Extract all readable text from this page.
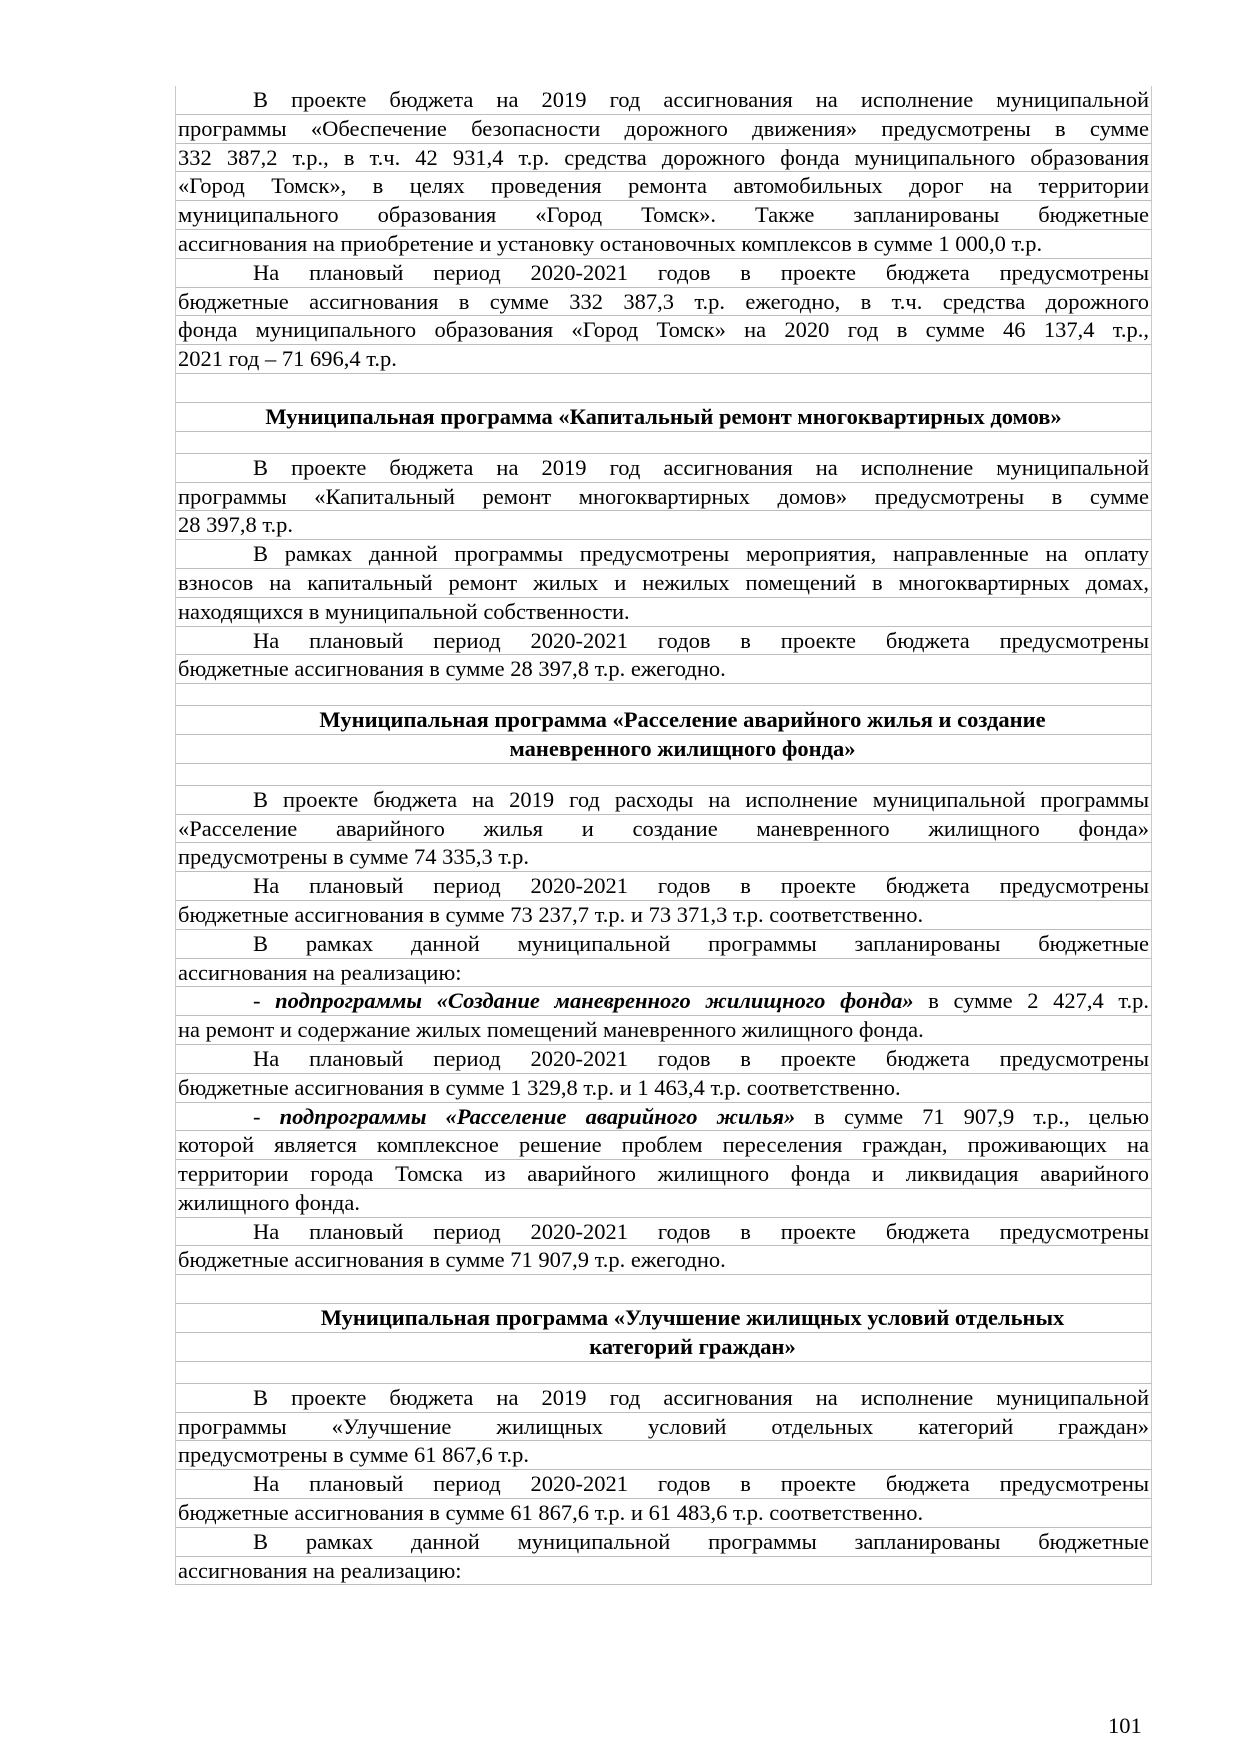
В проекте бюджета на 2019 год ассигнования на исполнение муниципальной
программы «Обеспечение безопасности дорожного движения» предусмотрены в сумме
332 387,2 т.р., в т.ч. 42 931,4 т.р. средства дорожного фонда муниципального образования
«Город Томск», в целях проведения ремонта автомобильных дорог на территории
муниципального образования «Город Томск». Также запланированы бюджетные
ассигнования на приобретение и установку остановочных комплексов в сумме 1 000,0 т.р.
На плановый период 2020-2021 годов в проекте бюджета предусмотрены
бюджетные ассигнования в сумме 332 387,3 т.р. ежегодно, в т.ч. средства дорожного
фонда муниципального образования «Город Томск» на 2020 год в сумме 46 137,4 т.р.,
2021 год – 71 696,4 т.р.
Муниципальная программа «Капитальный ремонт многоквартирных домов»
В проекте бюджета на 2019 год ассигнования на исполнение муниципальной
программы «Капитальный ремонт многоквартирных домов» предусмотрены в сумме
28 397,8 т.р.
В рамках данной программы предусмотрены мероприятия, направленные на оплату
взносов на капитальный ремонт жилых и нежилых помещений в многоквартирных домах,
находящихся в муниципальной собственности.
На плановый период 2020-2021 годов в проекте бюджета предусмотрены
бюджетные ассигнования в сумме 28 397,8 т.р. ежегодно.
Муниципальная программа «Расселение аварийного жилья и создание
маневренного жилищного фонда»
В проекте бюджета на 2019 год расходы на исполнение муниципальной программы
«Расселение аварийного жилья и создание маневренного жилищного фонда»
предусмотрены в сумме 74 335,3 т.р.
На плановый период 2020-2021 годов в проекте бюджета предусмотрены
бюджетные ассигнования в сумме 73 237,7 т.р. и 73 371,3 т.р. соответственно.
В рамках данной муниципальной программы запланированы бюджетные
ассигнования на реализацию:
- подпрограммы «Создание маневренного жилищного фонда» в сумме 2 427,4 т.р.
на ремонт и содержание жилых помещений маневренного жилищного фонда.
На плановый период 2020-2021 годов в проекте бюджета предусмотрены
бюджетные ассигнования в сумме 1 329,8 т.р. и 1 463,4 т.р. соответственно.
- подпрограммы «Расселение аварийного жилья» в сумме 71 907,9 т.р., целью
которой является комплексное решение проблем переселения граждан, проживающих на
территории города Томска из аварийного жилищного фонда и ликвидация аварийного
жилищного фонда.
На плановый период 2020-2021 годов в проекте бюджета предусмотрены
бюджетные ассигнования в сумме 71 907,9 т.р. ежегодно.
Муниципальная программа «Улучшение жилищных условий отдельных
категорий граждан»
В проекте бюджета на 2019 год ассигнования на исполнение муниципальной
программы «Улучшение жилищных условий отдельных категорий граждан»
предусмотрены в сумме 61 867,6 т.р.
На плановый период 2020-2021 годов в проекте бюджета предусмотрены
бюджетные ассигнования в сумме 61 867,6 т.р. и 61 483,6 т.р. соответственно.
В рамках данной муниципальной программы запланированы бюджетные
ассигнования на реализацию:
101
